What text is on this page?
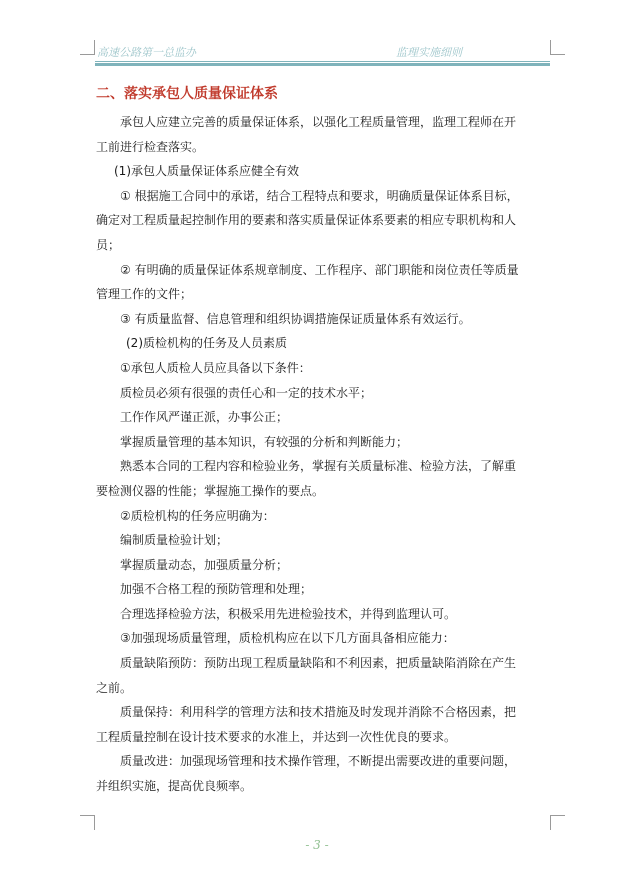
高速公路第一总监办	监理实施细则
二、落实承包人质量保证体系

承包人应建立完善的质量保证体系，以强化工程质量管理，监理工程师在开

工前进行检查落实。

(1)承包人质量保证体系应健全有效

① 根据施工合同中的承诺，结合工程特点和要求，明确质量保证体系目标，

确定对工程质量起控制作用的要素和落实质量保证体系要素的相应专职机构和人

员；

② 有明确的质量保证体系规章制度、工作程序、部门职能和岗位责任等质量

管理工作的文件；

③ 有质量监督、信息管理和组织协调措施保证质量体系有效运行。

(2)质检机构的任务及人员素质

①承包人质检人员应具备以下条件：

质检员必须有很强的责任心和一定的技术水平；

工作作风严谨正派，办事公正；

掌握质量管理的基本知识，有较强的分析和判断能力；

熟悉本合同的工程内容和检验业务，掌握有关质量标准、检验方法，了解重

要检测仪器的性能；掌握施工操作的要点。

②质检机构的任务应明确为：

编制质量检验计划；

掌握质量动态，加强质量分析；

加强不合格工程的预防管理和处理；

合理选择检验方法，积极采用先进检验技术，并得到监理认可。

③加强现场质量管理，质检机构应在以下几方面具备相应能力：

质量缺陷预防：预防出现工程质量缺陷和不利因素，把质量缺陷消除在产生

之前。

质量保持：利用科学的管理方法和技术措施及时发现并消除不合格因素，把

工程质量控制在设计技术要求的水准上，并达到一次性优良的要求。

质量改进：加强现场管理和技术操作管理，不断提出需要改进的重要问题，

并组织实施，提高优良频率。

- 3 -
